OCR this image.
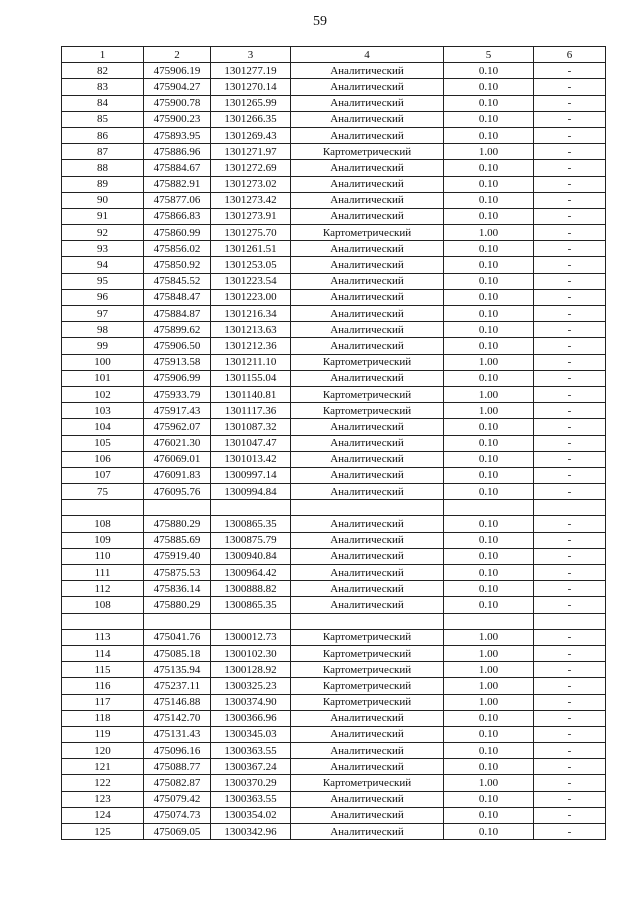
59
1	2	3	4	5	6
82	475906.19	1301277.19	Аналитический	0.10	-
83	475904.27	1301270.14	Аналитический	0.10	-
84	475900.78	1301265.99	Аналитический	0.10	-
85	475900.23	1301266.35	Аналитический	0.10	-
86	475893.95	1301269.43	Аналитический	0.10	-
87	475886.96	1301271.97	Картометрический	1.00	-
88	475884.67	1301272.69	Аналитический	0.10	-
89	475882.91	1301273.02	Аналитический	0.10	-
90	475877.06	1301273.42	Аналитический	0.10	-
91	475866.83	1301273.91	Аналитический	0.10	-
92	475860.99	1301275.70	Картометрический	1.00	-
93	475856.02	1301261.51	Аналитический	0.10	-
94	475850.92	1301253.05	Аналитический	0.10	-
95	475845.52	1301223.54	Аналитический	0.10	-
96	475848.47	1301223.00	Аналитический	0.10	-
97	475884.87	1301216.34	Аналитический	0.10	-
98	475899.62	1301213.63	Аналитический	0.10	-
99	475906.50	1301212.36	Аналитический	0.10	-
100	475913.58	1301211.10	Картометрический	1.00	-
101	475906.99	1301155.04	Аналитический	0.10	-
102	475933.79	1301140.81	Картометрический	1.00	-
103	475917.43	1301117.36	Картометрический	1.00	-
104	475962.07	1301087.32	Аналитический	0.10	-
105	476021.30	1301047.47	Аналитический	0.10	-
106	476069.01	1301013.42	Аналитический	0.10	-
107	476091.83	1300997.14	Аналитический	0.10	-
75	476095.76	1300994.84	Аналитический	0.10	-

108	475880.29	1300865.35	Аналитический	0.10	-
109	475885.69	1300875.79	Аналитический	0.10	-
110	475919.40	1300940.84	Аналитический	0.10	-
111	475875.53	1300964.42	Аналитический	0.10	-
112	475836.14	1300888.82	Аналитический	0.10	-
108	475880.29	1300865.35	Аналитический	0.10	-

113	475041.76	1300012.73	Картометрический	1.00	-
114	475085.18	1300102.30	Картометрический	1.00	-
115	475135.94	1300128.92	Картометрический	1.00	-
116	475237.11	1300325.23	Картометрический	1.00	-
117	475146.88	1300374.90	Картометрический	1.00	-
118	475142.70	1300366.96	Аналитический	0.10	-
119	475131.43	1300345.03	Аналитический	0.10	-
120	475096.16	1300363.55	Аналитический	0.10	-
121	475088.77	1300367.24	Аналитический	0.10	-
122	475082.87	1300370.29	Картометрический	1.00	-
123	475079.42	1300363.55	Аналитический	0.10	-
124	475074.73	1300354.02	Аналитический	0.10	-
125	475069.05	1300342.96	Аналитический	0.10	-
